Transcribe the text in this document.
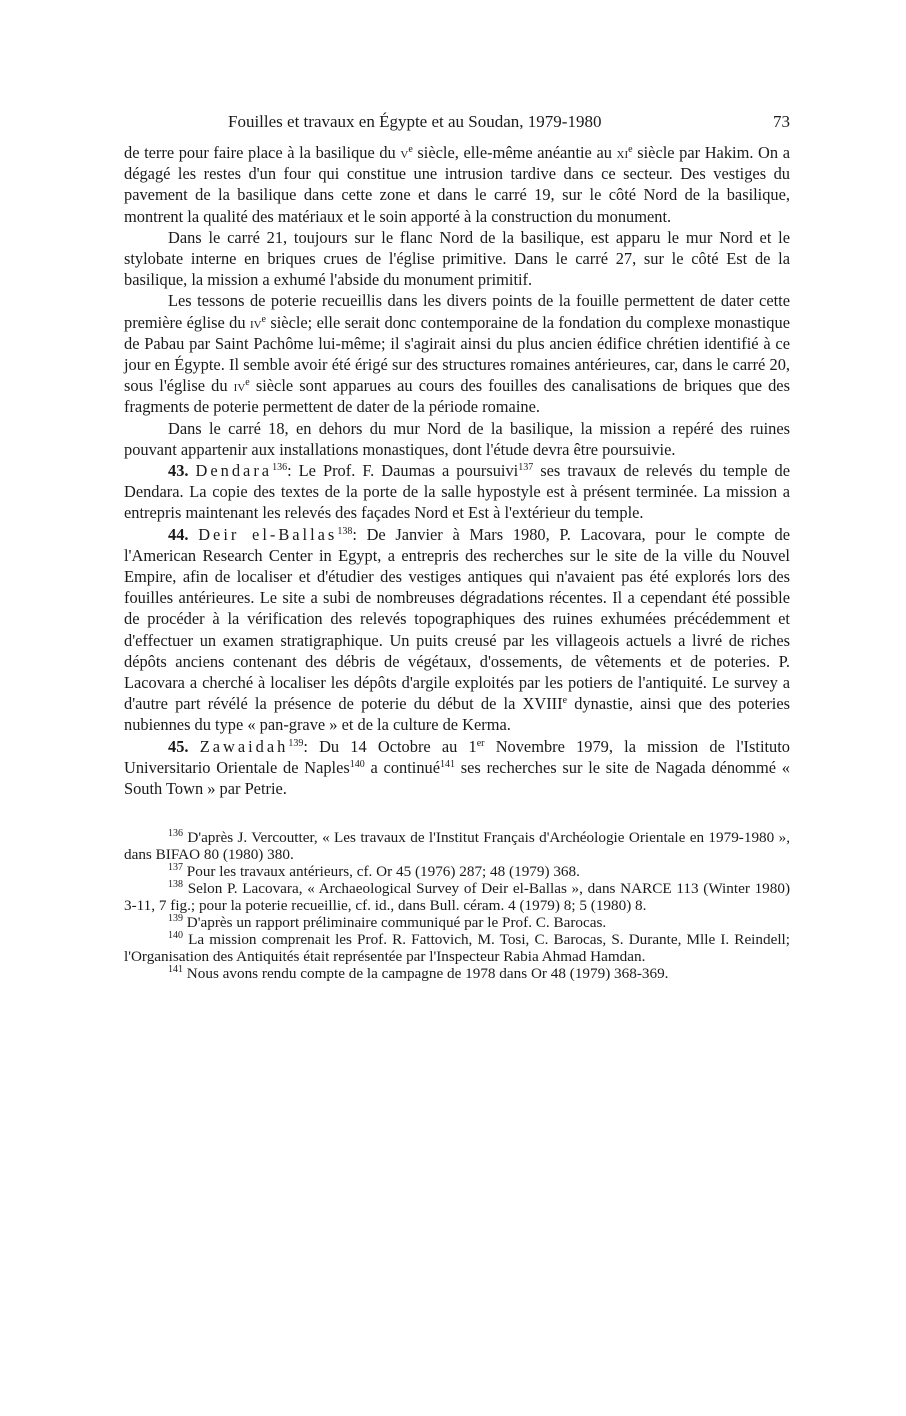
Fouilles et travaux en Égypte et au Soudan, 1979-1980	73

de terre pour faire place à la basilique du $v^e$ siècle, elle-même anéantie au $xi^e$ siècle par Hakim. On a dégagé les restes d'un four qui constitue une intrusion tardive dans ce secteur. Des vestiges du pavement de la basilique dans cette zone et dans le carré 19, sur le côté Nord de la basilique, montrent la qualité des matériaux et le soin apporté à la construction du monument.

Dans le carré 21, toujours sur le flanc Nord de la basilique, est apparu le mur Nord et le stylobate interne en briques crues de l'église primitive. Dans le carré 27, sur le côté Est de la basilique, la mission a exhumé l'abside du monument primitif.

Les tessons de poterie recueillis dans les divers points de la fouille permettent de dater cette première église du $iv^e$ siècle; elle serait donc contemporaine de la fondation du complexe monastique de Pabau par Saint Pachôme lui-même; il s'agirait ainsi du plus ancien édifice chrétien identifié à ce jour en Égypte. Il semble avoir été érigé sur des structures romaines antérieures, car, dans le carré 20, sous l'église du $iv^e$ siècle sont apparues au cours des fouilles des canalisations de briques que des fragments de poterie permettent de dater de la période romaine.

Dans le carré 18, en dehors du mur Nord de la basilique, la mission a repéré des ruines pouvant appartenir aux installations monastiques, dont l'étude devra être poursuivie.

43. Dendara$^{136}$: Le Prof. F. Daumas a poursuivi$^{137}$ ses travaux de relevés du temple de Dendara. La copie des textes de la porte de la salle hypostyle est à présent terminée. La mission a entrepris maintenant les relevés des façades Nord et Est à l'extérieur du temple.

44. Deir el-Ballas$^{138}$: De Janvier à Mars 1980, P. Lacovara, pour le compte de l'American Research Center in Egypt, a entrepris des recherches sur le site de la ville du Nouvel Empire, afin de localiser et d'étudier des vestiges antiques qui n'avaient pas été explorés lors des fouilles antérieures. Le site a subi de nombreuses dégradations récentes. Il a cependant été possible de procéder à la vérification des relevés topographiques des ruines exhumées précédemment et d'effectuer un examen stratigraphique. Un puits creusé par les villageois actuels a livré de riches dépôts anciens contenant des débris de végétaux, d'ossements, de vêtements et de poteries. P. Lacovara a cherché à localiser les dépôts d'argile exploités par les potiers de l'antiquité. Le survey a d'autre part révélé la présence de poterie du début de la XVIIIe dynastie, ainsi que des poteries nubiennes du type « pan-grave » et de la culture de Kerma.

45. Zawaidah$^{139}$: Du 14 Octobre au 1er Novembre 1979, la mission de l'Istituto Universitario Orientale de Naples$^{140}$ a continué$^{141}$ ses recherches sur le site de Nagada dénommé « South Town » par Petrie.

$^{136}$ D'après J. Vercoutter, « Les travaux de l'Institut Français d'Archéologie Orientale en 1979-1980 », dans BIFAO 80 (1980) 380.

$^{137}$ Pour les travaux antérieurs, cf. Or 45 (1976) 287; 48 (1979) 368.

$^{138}$ Selon P. Lacovara, « Archaeological Survey of Deir el-Ballas », dans NARCE 113 (Winter 1980) 3-11, 7 fig.; pour la poterie recueillie, cf. id., dans Bull. céram. 4 (1979) 8; 5 (1980) 8.

$^{139}$ D'après un rapport préliminaire communiqué par le Prof. C. Barocas.

$^{140}$ La mission comprenait les Prof. R. Fattovich, M. Tosi, C. Barocas, S. Durante, Mlle I. Reindell; l'Organisation des Antiquités était représentée par l'Inspecteur Rabia Ahmad Hamdan.

$^{141}$ Nous avons rendu compte de la campagne de 1978 dans Or 48 (1979) 368-369.
